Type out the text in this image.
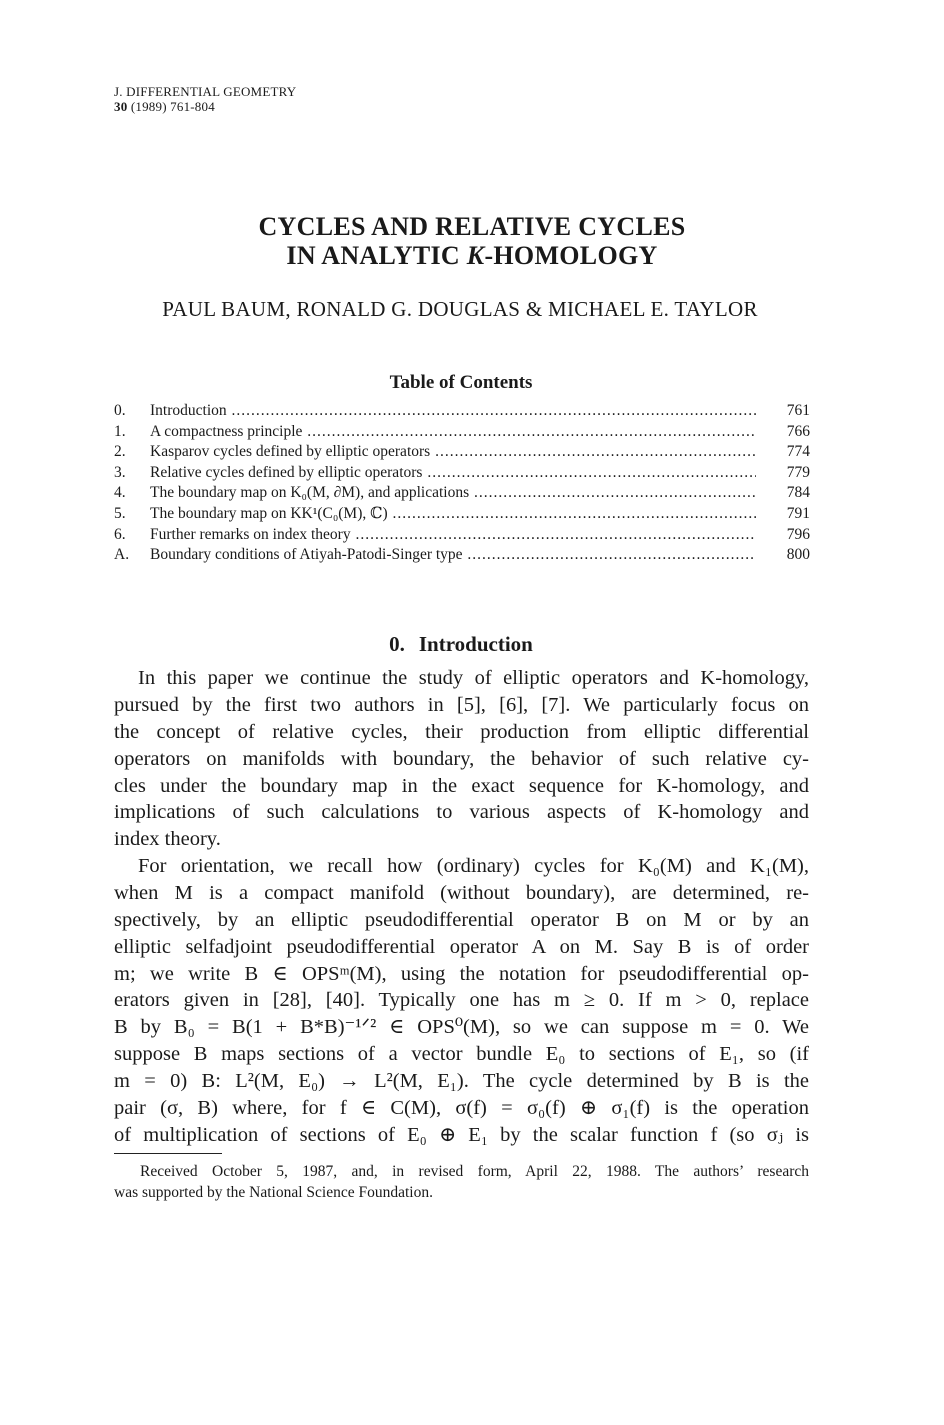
J. DIFFERENTIAL GEOMETRY
30 (1989) 761-804
CYCLES AND RELATIVE CYCLES
IN ANALYTIC K-HOMOLOGY
PAUL BAUM, RONALD G. DOUGLAS & MICHAEL E. TAYLOR
Table of Contents
0. Introduction .....	761
1. A compactness principle .....	766
2. Kasparov cycles defined by elliptic operators .....	774
3. Relative cycles defined by elliptic operators .....	779
4. The boundary map on K₀(M, ∂M), and applications .....	784
5. The boundary map on KK¹(C₀(M), ℂ) .....	791
6. Further remarks on index theory .....	796
A. Boundary conditions of Atiyah-Patodi-Singer type .....	800
0. Introduction
In this paper we continue the study of elliptic operators and K-homology,
pursued by the first two authors in [5], [6], [7]. We particularly focus on
the concept of relative cycles, their production from elliptic differential
operators on manifolds with boundary, the behavior of such relative cy-
cles under the boundary map in the exact sequence for K-homology, and
implications of such calculations to various aspects of K-homology and
index theory.
For orientation, we recall how (ordinary) cycles for K₀(M) and K₁(M),
when M is a compact manifold (without boundary), are determined, re-
spectively, by an elliptic pseudodifferential operator B on M or by an
elliptic selfadjoint pseudodifferential operator A on M. Say B is of order
m; we write B ∈ OPSᵐ(M), using the notation for pseudodifferential op-
erators given in [28], [40]. Typically one has m ≥ 0. If m > 0, replace
B by B₀ = B(1 + B*B)⁻¹ᐟ² ∈ OPS⁰(M), so we can suppose m = 0. We
suppose B maps sections of a vector bundle E₀ to sections of E₁, so (if
m = 0) B: L²(M, E₀) → L²(M, E₁). The cycle determined by B is the
pair (σ, B) where, for f ∈ C(M), σ(f) = σ₀(f) ⊕ σ₁(f) is the operation
of multiplication of sections of E₀ ⊕ E₁ by the scalar function f (so σⱼ is
Received October 5, 1987, and, in revised form, April 22, 1988. The authors’ research
was supported by the National Science Foundation.
